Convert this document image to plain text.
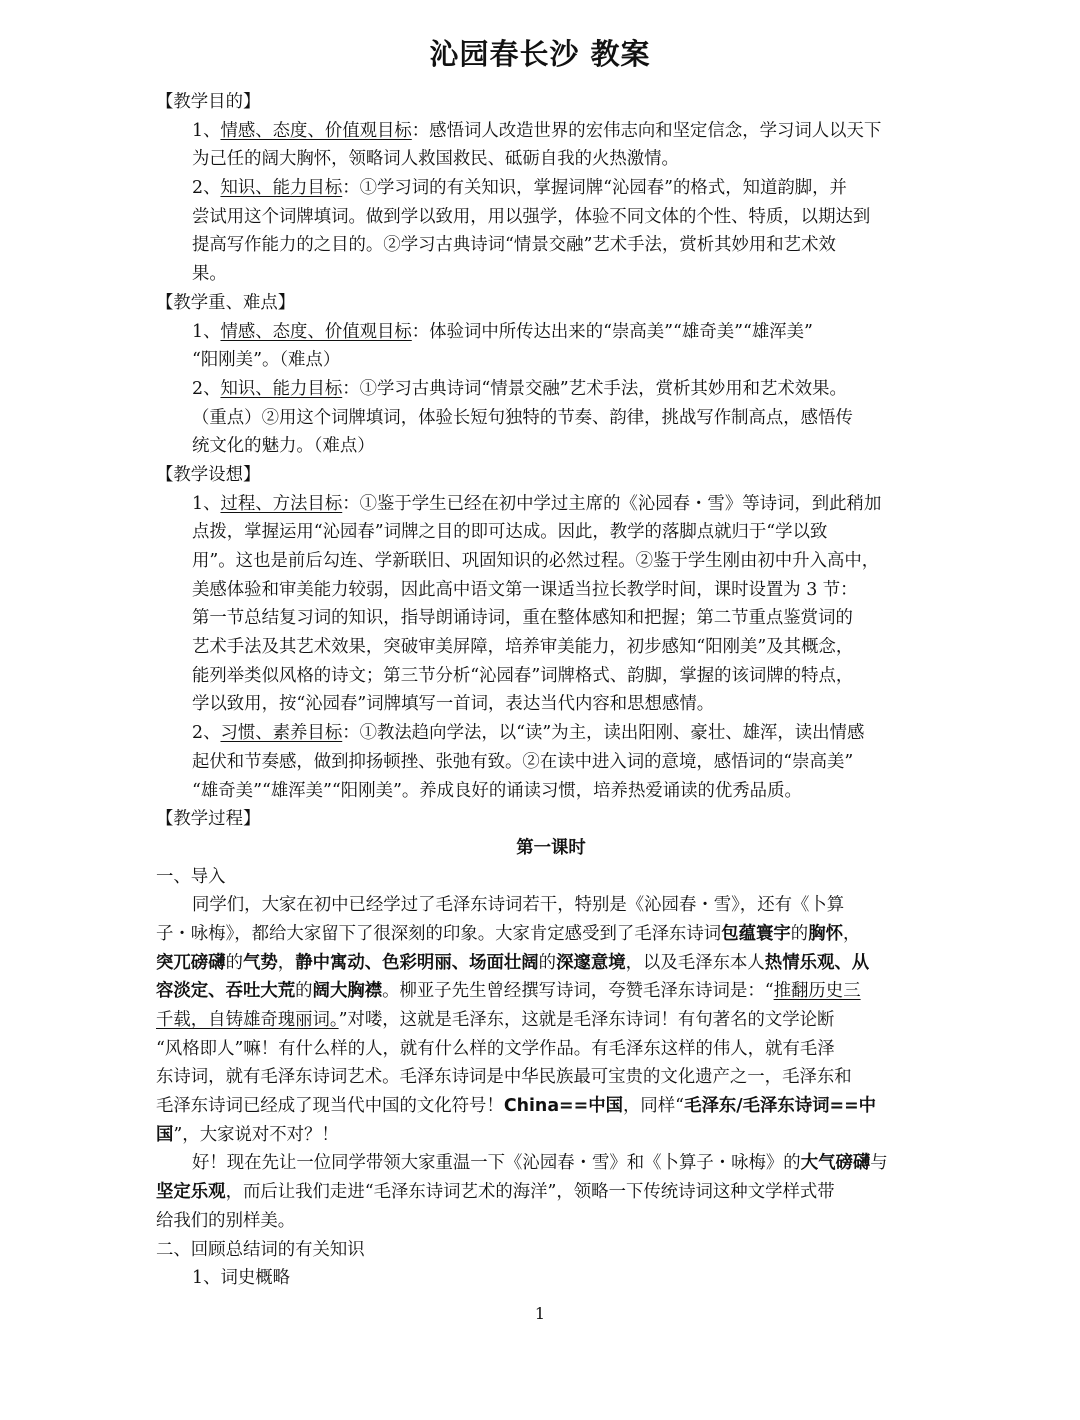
沁园春长沙 教案
【教学目的】
1、情感、态度、价值观目标：感悟词人改造世界的宏伟志向和坚定信念，学习词人以天下
为己任的阔大胸怀，领略词人救国救民、砥砺自我的火热激情。
2、知识、能力目标：①学习词的有关知识，掌握词牌“沁园春”的格式，知道韵脚，并
尝试用这个词牌填词。做到学以致用，用以强学，体验不同文体的个性、特质，以期达到
提高写作能力的之目的。②学习古典诗词“情景交融”艺术手法，赏析其妙用和艺术效
果。
【教学重、难点】
1、情感、态度、价值观目标：体验词中所传达出来的“崇高美”“雄奇美”“雄浑美”
“阳刚美”。（难点）
2、知识、能力目标：①学习古典诗词“情景交融”艺术手法，赏析其妙用和艺术效果。
（重点）②用这个词牌填词，体验长短句独特的节奏、韵律，挑战写作制高点，感悟传
统文化的魅力。（难点）
【教学设想】
1、过程、方法目标：①鉴于学生已经在初中学过主席的《沁园春・雪》等诗词，到此稍加
点拨，掌握运用“沁园春”词牌之目的即可达成。因此，教学的落脚点就归于“学以致
用”。这也是前后勾连、学新联旧、巩固知识的必然过程。②鉴于学生刚由初中升入高中，
美感体验和审美能力较弱，因此高中语文第一课适当拉长教学时间，课时设置为 3 节：
第一节总结复习词的知识，指导朗诵诗词，重在整体感知和把握；第二节重点鉴赏词的
艺术手法及其艺术效果，突破审美屏障，培养审美能力，初步感知“阳刚美”及其概念，
能列举类似风格的诗文；第三节分析“沁园春”词牌格式、韵脚，掌握的该词牌的特点，
学以致用，按“沁园春”词牌填写一首词，表达当代内容和思想感情。
2、习惯、素养目标：①教法趋向学法，以“读”为主，读出阳刚、豪壮、雄浑，读出情感
起伏和节奏感，做到抑扬顿挫、张弛有致。②在读中进入词的意境，感悟词的“崇高美”
“雄奇美”“雄浑美”“阳刚美”。养成良好的诵读习惯，培养热爱诵读的优秀品质。
【教学过程】
第一课时
一、导入
同学们，大家在初中已经学过了毛泽东诗词若干，特别是《沁园春・雪》，还有《卜算
子・咏梅》，都给大家留下了很深刻的印象。大家肯定感受到了毛泽东诗词包蕴寰宇的胸怀，
突兀磅礴的气势，静中寓动、色彩明丽、场面壮阔的深邃意境，以及毛泽东本人热情乐观、从
容淡定、吞吐大荒的阔大胸襟。柳亚子先生曾经撰写诗词，夸赞毛泽东诗词是：“推翻历史三
千载，自铸雄奇瑰丽词。”对喽，这就是毛泽东，这就是毛泽东诗词！有句著名的文学论断
“风格即人”嘛！有什么样的人，就有什么样的文学作品。有毛泽东这样的伟人，就有毛泽
东诗词，就有毛泽东诗词艺术。毛泽东诗词是中华民族最可宝贵的文化遗产之一，毛泽东和
毛泽东诗词已经成了现当代中国的文化符号！China==中国，同样“毛泽东/毛泽东诗词==中
国”，大家说对不对？！
好！现在先让一位同学带领大家重温一下《沁园春・雪》和《卜算子・咏梅》的大气磅礴与
坚定乐观，而后让我们走进“毛泽东诗词艺术的海洋”，领略一下传统诗词这种文学样式带
给我们的别样美。
二、回顾总结词的有关知识
1、词史概略
1
